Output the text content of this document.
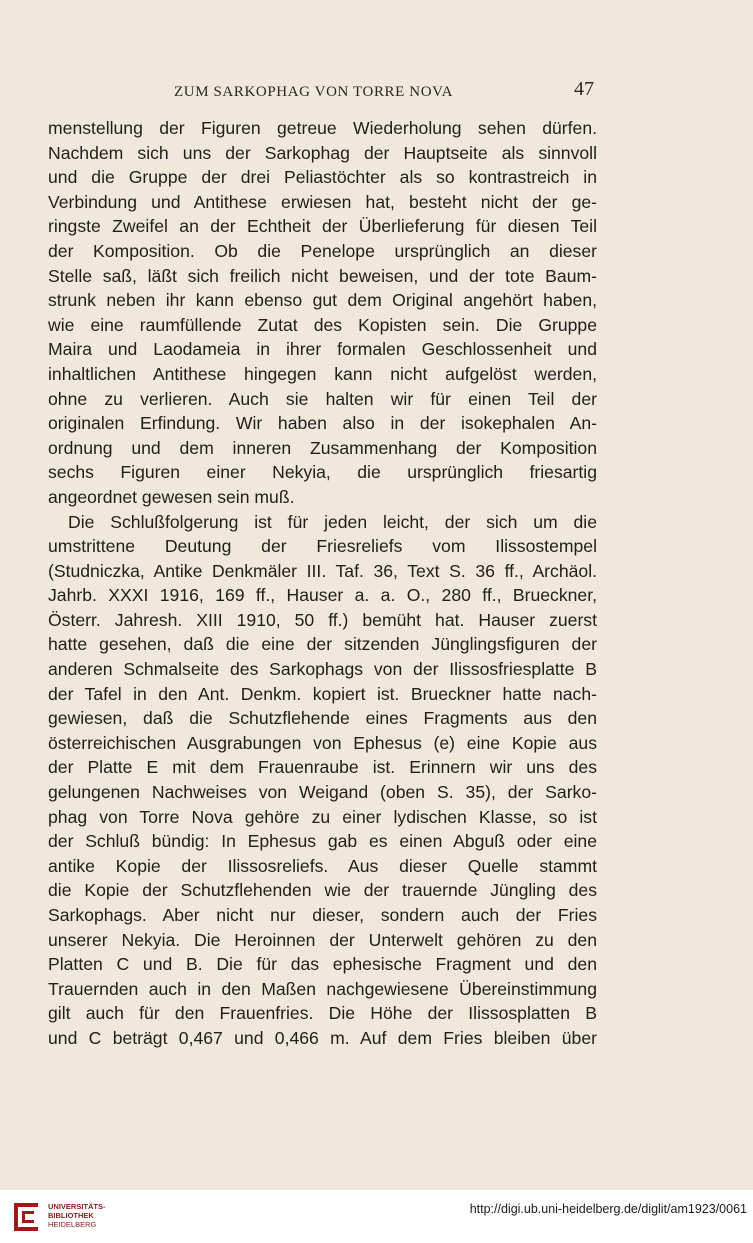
ZUM SARKOPHAG VON TORRE NOVA	47
menstellung der Figuren getreue Wiederholung sehen dürfen.
Nachdem sich uns der Sarkophag der Hauptseite als sinnvoll
und die Gruppe der drei Peliastöchter als so kontrastreich in
Verbindung und Antithese erwiesen hat, besteht nicht der ge-
ringste Zweifel an der Echtheit der Überlieferung für diesen Teil
der Komposition. Ob die Penelope ursprünglich an dieser
Stelle saß, läßt sich freilich nicht beweisen, und der tote Baum-
strunk neben ihr kann ebenso gut dem Original angehört haben,
wie eine raumfüllende Zutat des Kopisten sein. Die Gruppe
Maira und Laodameia in ihrer formalen Geschlossenheit und
inhaltlichen Antithese hingegen kann nicht aufgelöst werden,
ohne zu verlieren. Auch sie halten wir für einen Teil der
originalen Erfindung. Wir haben also in der isokephalen An-
ordnung und dem inneren Zusammenhang der Komposition
sechs Figuren einer Nekyia, die ursprünglich friesartig
angeordnet gewesen sein muß.
Die Schlußfolgerung ist für jeden leicht, der sich um die
umstrittene Deutung der Friesreliefs vom Ilissostempel
(Studniczka, Antike Denkmäler III. Taf. 36, Text S. 36 ff., Archäol.
Jahrb. XXXI 1916, 169 ff., Hauser a. a. O., 280 ff., Brueckner,
Österr. Jahresh. XIII 1910, 50 ff.) bemüht hat. Hauser zuerst
hatte gesehen, daß die eine der sitzenden Jünglingsfiguren der
anderen Schmalseite des Sarkophags von der Ilissosfriesplatte B
der Tafel in den Ant. Denkm. kopiert ist. Brueckner hatte nach-
gewiesen, daß die Schutzflehende eines Fragments aus den
österreichischen Ausgrabungen von Ephesus (e) eine Kopie aus
der Platte E mit dem Frauenraube ist. Erinnern wir uns des
gelungenen Nachweises von Weigand (oben S. 35), der Sarko-
phag von Torre Nova gehöre zu einer lydischen Klasse, so ist
der Schluß bündig: In Ephesus gab es einen Abguß oder eine
antike Kopie der Ilissosreliefs. Aus dieser Quelle stammt
die Kopie der Schutzflehenden wie der trauernde Jüngling des
Sarkophags. Aber nicht nur dieser, sondern auch der Fries
unserer Nekyia. Die Heroinnen der Unterwelt gehören zu den
Platten C und B. Die für das ephesische Fragment und den
Trauernden auch in den Maßen nachgewiesene Übereinstimmung
gilt auch für den Frauenfries. Die Höhe der Ilissosplatten B
und C beträgt 0,467 und 0,466 m. Auf dem Fries bleiben über
UNIVERSITÄTS-
BIBLIOTHEK
HEIDELBERG
http://digi.ub.uni-heidelberg.de/diglit/am1923/0061
